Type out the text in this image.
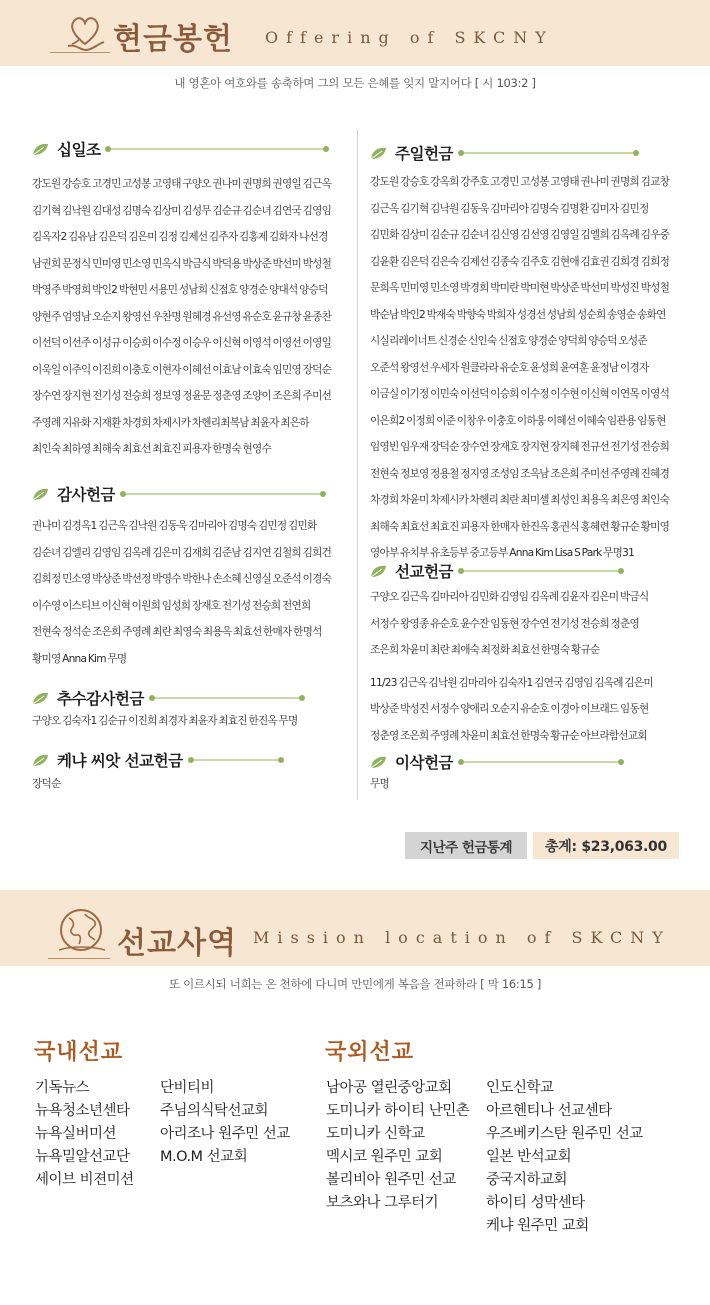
현금봉헌 Offering of SKCNY
내 영혼아 여호와를 송축하며 그의 모든 은혜를 잊지 말지어다 [ 시 103:2 ]
십일조
강도원 강승호 고경민 고성봉 고영태 구양오 권나미 권명희 권영일 김근옥
김기혁 김낙원 김대성 김명숙 김상미 김성무 김순규 김순녀 김연국 김영임
김옥자2 김유남 김은덕 김은미 김정 김제선 김주자 김홍제 김화자 나선경
남권희 문정식 민미영 민소영 민옥식 박금식 박덕용 박상준 박선미 박성철
박영주 박영희 박인2 박현민 서용민 성남희 신점호 양경순 양대석 양승덕
양현주 엄영남 오순지 왕영선 우찬명 원혜경 유선영 유순호 윤규창 윤종찬
이선덕 이선주 이성규 이승희 이수정 이승우 이신혁 이영석 이영선 이영일
이욱일 이주익 이진희 이충호 이현자 이혜선 이효남 이효숙 임민영 장덕순
장수연 장지현 전기성 전승희 정보영 정윤문 정춘영 조양이 조은희 주미선
주영례 지유화 지재환 차경희 차제시카 차헨리최복남 최윤자 최은하
최인숙 최하영 최해숙 최효선 최효진 피용자 한명숙 현영수
감사헌금
권나미 김경옥1 김근옥 김낙원 김동욱 김마리아 김명숙 김민정 김민화
김순녀 김엘리 김영임 김옥례 김은미 김재희 김준남 김지연 김철희 김희건
김희정 민소영 박상준 박선정 박영수 박한나 손소혜 신영실 오준석 이경숙
이수영 이스티브 이신혁 이원희 임성희 장재호 전기성 전승희 전연희
전현숙 정석순 조은희 주영례 최란 최영숙 최용옥 최효선 한매자 한명석
황미영 Anna Kim 무명
추수감사헌금
구양오 김숙자1 김순규 이진희 최경자 최윤자 최효진 한진옥 무명
케냐 씨앗 선교헌금
장덕순
주일헌금
강도원 강승호 강옥희 강주호 고경민 고성봉 고영태 권나미 권명희 김교창
김근옥 김기혁 김낙원 김동욱 김마리아 김명숙 김명환 김미자 김민정
김민화 김상미 김순규 김순녀 김신영 김선영 김영일 김엘희 김옥례 김우중
김윤환 김은덕 김은숙 김제선 김종숙 김주호 김현애 김효권 김희경 김희정
문희옥 민미영 민소영 박경희 박미란 박미현 박상준 박선미 박성진 박성철
박순남 박인2 박재숙 박향숙 박희자 성경선 성남희 성순희 송영순 송화연
시실리레이너트 신경순 신인숙 신점호 양경순 양덕희 양승덕 오성준
오준석 왕영선 우세자 원클라라 유순호 윤성희 윤여훈 윤정남 이경자
이금실 이기정 이민숙 이선덕 이승희 이수정 이수현 이신혁 이연목 이영석
이은희2 이정희 이준 이창우 이충호 이하웅 이혜선 이혜숙 임관용 임동현
임영빈 임우재 장덕순 장수연 장재호 장지현 장지혜 전규선 전기성 전승희
전현숙 정보영 정용철 정지영 조성임 조옥남 조은희 주미선 주영례 진혜경
차경희 차윤미 차제시카 차헨리 최란 최미셸 최성인 최용옥 최은영 최인숙
최해숙 최효선 최효진 피용자 한매자 한진옥 홍권식 홍혜련 황규순 황미영
영아부 유치부 유초등부 중고등부 Anna Kim Lisa S Park 무명31
선교헌금
구양오 김근옥 김마리아 김민화 김영임 김옥례 김윤자 김은미 박금식
서정수 왕영종 유순호 윤수잔 임동현 장수연 전기성 전승희 정춘영
조은희 차윤미 최란 최애숙 최정화 최효선 한명숙 황규순
11/23 김근옥 김낙원 김마리아 김숙자1 김연국 김영임 김옥례 김은미
박상준 박성진 서정수 양애리 오순지 유순호 이경아 이브래드 임동현
정춘영 조은희 주영례 차윤미 최효선 한명숙 황규순 아브라함선교회
이삭헌금
무명
지난주 헌금통계	총계: $23,063.00
선교사역 Mission location of SKCNY
또 이르시되 너희는 온 천하에 다니며 만민에게 복음을 전파하라 [ 막 16:15 ]
국내선교
기독뉴스
뉴욕청소년센타
뉴욕실버미션
뉴욕밀알선교단
세이브 비젼미션
단비티비
주님의식탁선교회
아리조나 원주민 선교
M.O.M 선교회
국외선교
남아공 열린중앙교회
도미니카 하이티 난민촌
도미니카 신학교
멕시코 원주민 교회
볼리비아 원주민 선교
보츠와나 그루터기
인도신학교
아르헨티나 선교센타
우즈베키스탄 원주민 선교
일본 반석교회
중국지하교회
하이티 성막센타
케냐 원주민 교회
